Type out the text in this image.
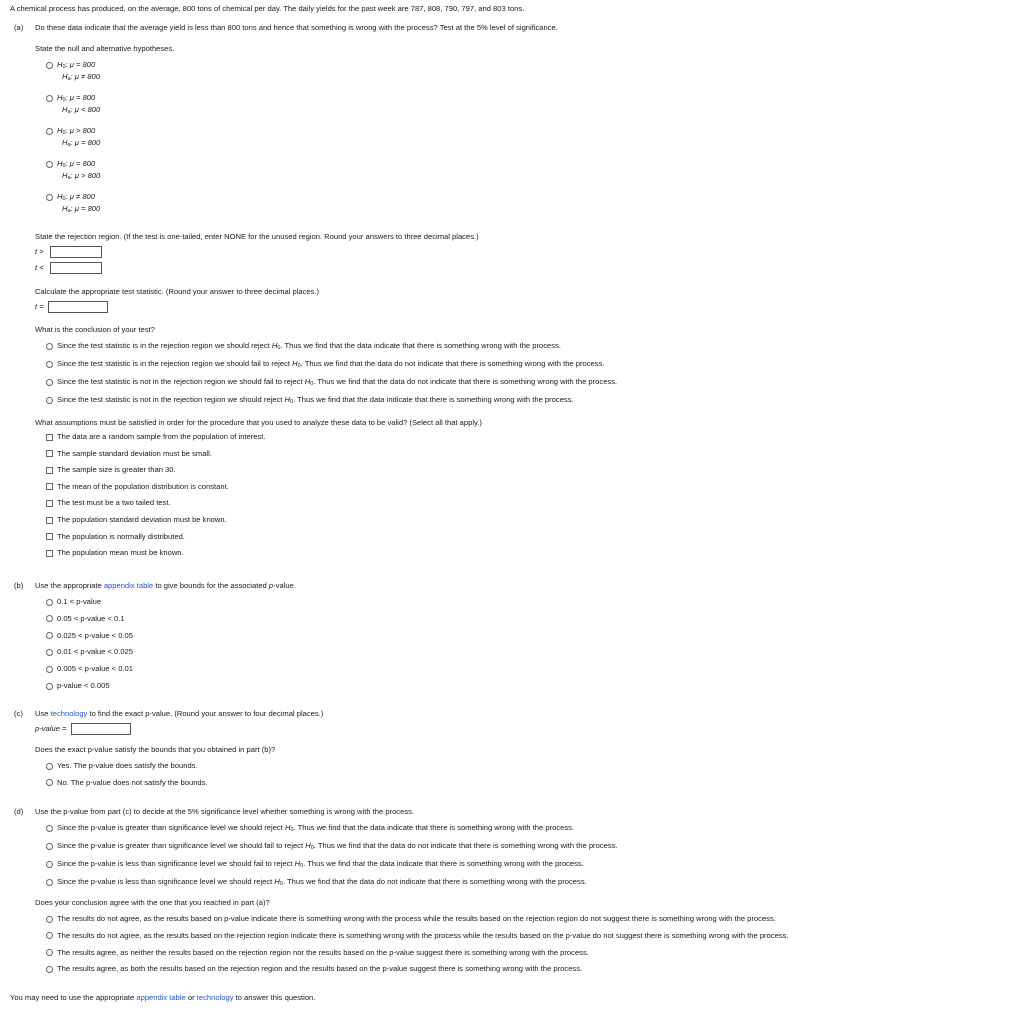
A chemical process has produced, on the average, 800 tons of chemical per day. The daily yields for the past week are 787, 808, 790, 797, and 803 tons.
(a) Do these data indicate that the average yield is less than 800 tons and hence that something is wrong with the process? Test at the 5% level of significance.
State the null and alternative hypotheses.
$H_0$: μ = 800
$H_a$: μ ≠ 800
$H_0$: μ = 800
$H_a$: μ < 800
$H_0$: μ > 800
$H_a$: μ = 800
$H_0$: μ = 800
$H_a$: μ > 800
$H_0$: μ ≠ 800
$H_a$: μ = 800
State the rejection region. (If the test is one-tailed, enter NONE for the unused region. Round your answers to three decimal places.)
t >
t <
Calculate the appropriate test statistic. (Round your answer to three decimal places.)
t =
What is the conclusion of your test?
Since the test statistic is in the rejection region we should reject $H_0$. Thus we find that the data indicate that there is something wrong with the process.
Since the test statistic is in the rejection region we should fail to reject $H_0$. Thus we find that the data do not indicate that there is something wrong with the process.
Since the test statistic is not in the rejection region we should fail to reject $H_0$. Thus we find that the data do not indicate that there is something wrong with the process.
Since the test statistic is not in the rejection region we should reject $H_0$. Thus we find that the data indicate that there is something wrong with the process.
What assumptions must be satisfied in order for the procedure that you used to analyze these data to be valid? (Select all that apply.)
The data are a random sample from the population of interest.
The sample standard deviation must be small.
The sample size is greater than 30.
The mean of the population distribution is constant.
The test must be a two tailed test.
The population standard deviation must be known.
The population is normally distributed.
The population mean must be known.
(b) Use the appropriate appendix table to give bounds for the associated p-value.
0.1 < p-value
0.05 < p-value < 0.1
0.025 < p-value < 0.05
0.01 < p-value < 0.025
0.005 < p-value < 0.01
p-value < 0.005
(c) Use technology to find the exact p-value. (Round your answer to four decimal places.)
p-value =
Does the exact p-value satisfy the bounds that you obtained in part (b)?
Yes. The p-value does satisfy the bounds.
No. The p-value does not satisfy the bounds.
(d) Use the p-value from part (c) to decide at the 5% significance level whether something is wrong with the process.
Since the p-value is greater than significance level we should reject $H_0$. Thus we find that the data indicate that there is something wrong with the process.
Since the p-value is greater than significance level we should fail to reject $H_0$. Thus we find that the data do not indicate that there is something wrong with the process.
Since the p-value is less than significance level we should fail to reject $H_0$. Thus we find that the data indicate that there is something wrong with the process.
Since the p-value is less than significance level we should reject $H_0$. Thus we find that the data do not indicate that there is something wrong with the process.
Does your conclusion agree with the one that you reached in part (a)?
The results do not agree, as the results based on p-value indicate there is something wrong with the process while the results based on the rejection region do not suggest there is something wrong with the process.
The results do not agree, as the results based on the rejection region indicate there is something wrong with the process while the results based on the p-value do not suggest there is something wrong with the process.
The results agree, as neither the results based on the rejection region nor the results based on the p-value suggest there is something wrong with the process.
The results agree, as both the results based on the rejection region and the results based on the p-value suggest there is something wrong with the process.
You may need to use the appropriate appendix table or technology to answer this question.
